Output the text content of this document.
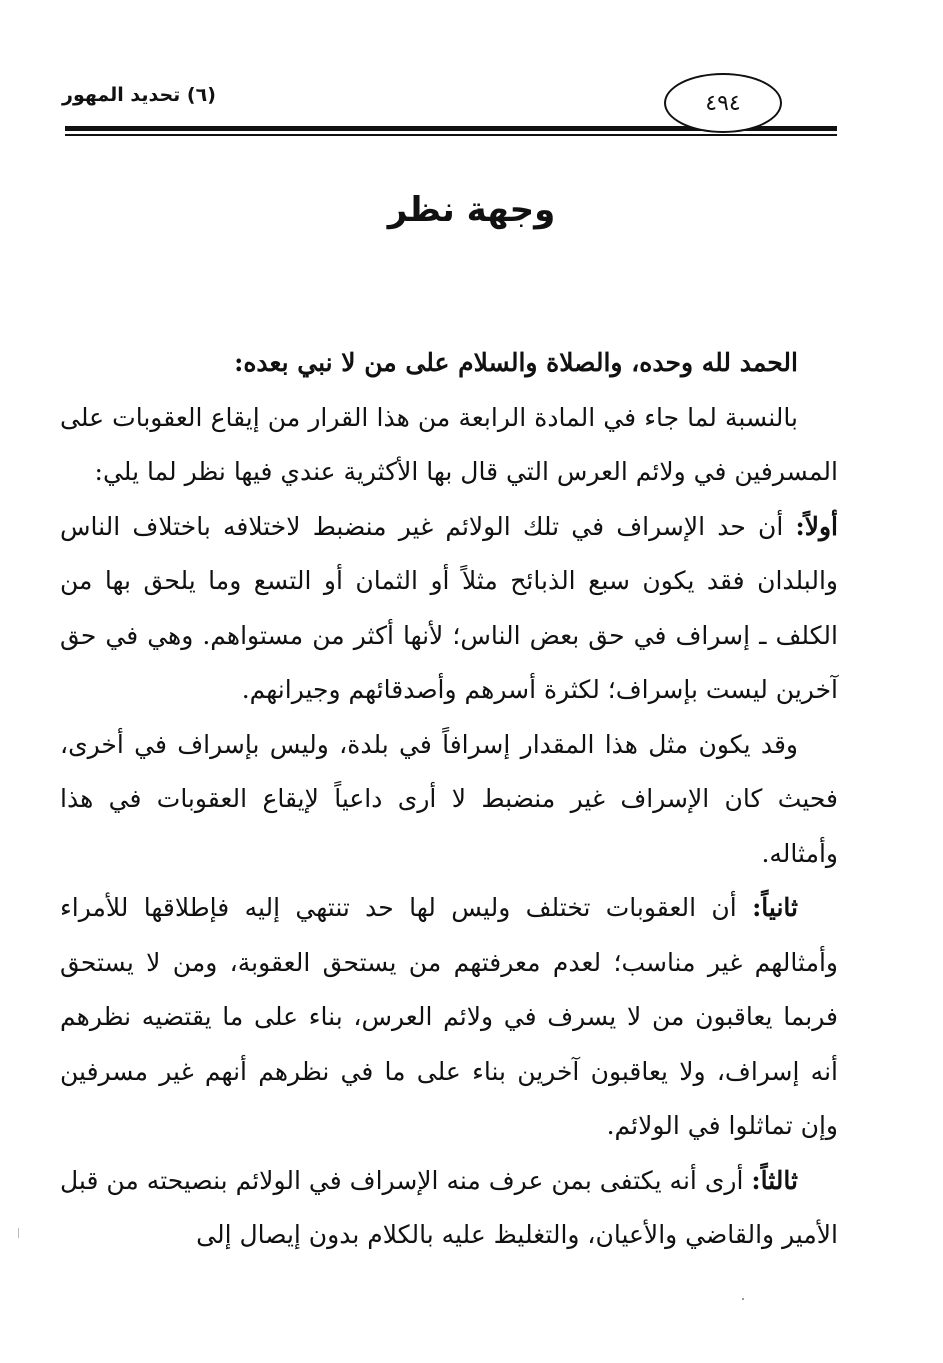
(٦) تحديد المهور	٤٩٤
وجهة نظر

الحمد لله وحده، والصلاة والسلام على من لا نبي بعده:

بالنسبة لما جاء في المادة الرابعة من هذا القرار من إيقاع العقوبات على المسرفين في ولائم العرس التي قال بها الأكثرية عندي فيها نظر لما يلي:

أولاً: أن حد الإسراف في تلك الولائم غير منضبط لاختلافه باختلاف الناس والبلدان فقد يكون سبع الذبائح مثلاً أو الثمان أو التسع وما يلحق بها من الكلف ـ إسراف في حق بعض الناس؛ لأنها أكثر من مستواهم. وهي في حق آخرين ليست بإسراف؛ لكثرة أسرهم وأصدقائهم وجيرانهم.

وقد يكون مثل هذا المقدار إسرافاً في بلدة، وليس بإسراف في أخرى، فحيث كان الإسراف غير منضبط لا أرى داعياً لإيقاع العقوبات في هذا وأمثاله.

ثانياً: أن العقوبات تختلف وليس لها حد تنتهي إليه فإطلاقها للأمراء وأمثالهم غير مناسب؛ لعدم معرفتهم من يستحق العقوبة، ومن لا يستحق فربما يعاقبون من لا يسرف في ولائم العرس، بناء على ما يقتضيه نظرهم أنه إسراف، ولا يعاقبون آخرين بناء على ما في نظرهم أنهم غير مسرفين وإن تماثلوا في الولائم.

ثالثاً: أرى أنه يكتفى بمن عرف منه الإسراف في الولائم بنصيحته من قبل الأمير والقاضي والأعيان، والتغليظ عليه بالكلام بدون إيصال إلى
